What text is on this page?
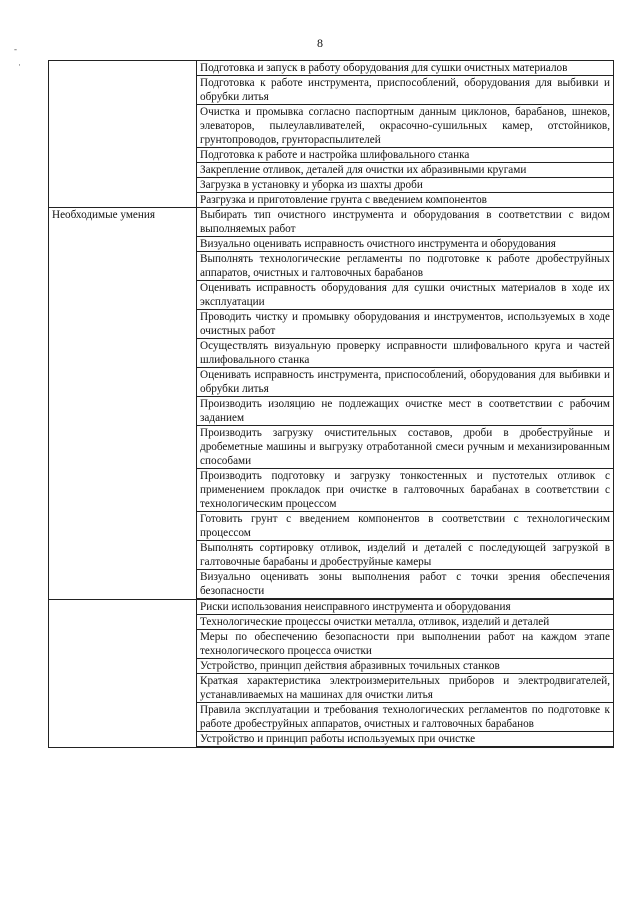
8
-
·
		Подготовка и запуск в работу оборудования для сушки очистных материалов
	Подготовка к работе инструмента, приспособлений, оборудования для выбивки и обрубки литья
	Очистка и промывка согласно паспортным данным циклонов, барабанов, шнеков, элеваторов, пылеулавливателей, окрасочно-сушильных камер, отстойников, грунтопроводов, грунтораспылителей
	Подготовка к работе и настройка шлифовального станка
	Закрепление отливок, деталей для очистки их абразивными кругами
	Загрузка в установку и уборка из шахты дроби
	Разгрузка и приготовление грунта с введением компонентов
Необходимые умения	Выбирать тип очистного инструмента и оборудования в соответствии с видом выполняемых работ
	Визуально оценивать исправность очистного инструмента и оборудования
	Выполнять технологические регламенты по подготовке к работе дробеструйных аппаратов, очистных и галтовочных барабанов
	Оценивать исправность оборудования для сушки очистных материалов в ходе их эксплуатации
	Проводить чистку и промывку оборудования и инструментов, используемых в ходе очистных работ
	Осуществлять визуальную проверку исправности шлифовального круга и частей шлифовального станка
	Оценивать исправность инструмента, приспособлений, оборудования для выбивки и обрубки литья
	Производить изоляцию не подлежащих очистке мест в соответствии с рабочим заданием
	Производить загрузку очистительных составов, дроби в дробеструйные и дробеметные машины и выгрузку отработанной смеси ручным и механизированным способами
	Производить подготовку и загрузку тонкостенных и пустотелых отливок с применением прокладок при очистке в галтовочных барабанах в соответствии с технологическим процессом
	Готовить грунт с введением компонентов в соответствии с технологическим процессом
	Выполнять сортировку отливок, изделий и деталей с последующей загрузкой в галтовочные барабаны и дробеструйные камеры
	Визуально оценивать зоны выполнения работ с точки зрения обеспечения безопасности

	Риски использования неисправного инструмента и оборудования
	Технологические процессы очистки металла, отливок, изделий и деталей
	Меры по обеспечению безопасности при выполнении работ на каждом этапе технологического процесса очистки
	Устройство, принцип действия абразивных точильных станков
	Краткая характеристика электроизмерительных приборов и электродвигателей, устанавливаемых на машинах для очистки литья
	Правила эксплуатации и требования технологических регламентов по подготовке к работе дробеструйных аппаратов, очистных и галтовочных барабанов
	Устройство и принцип работы используемых при очистке
